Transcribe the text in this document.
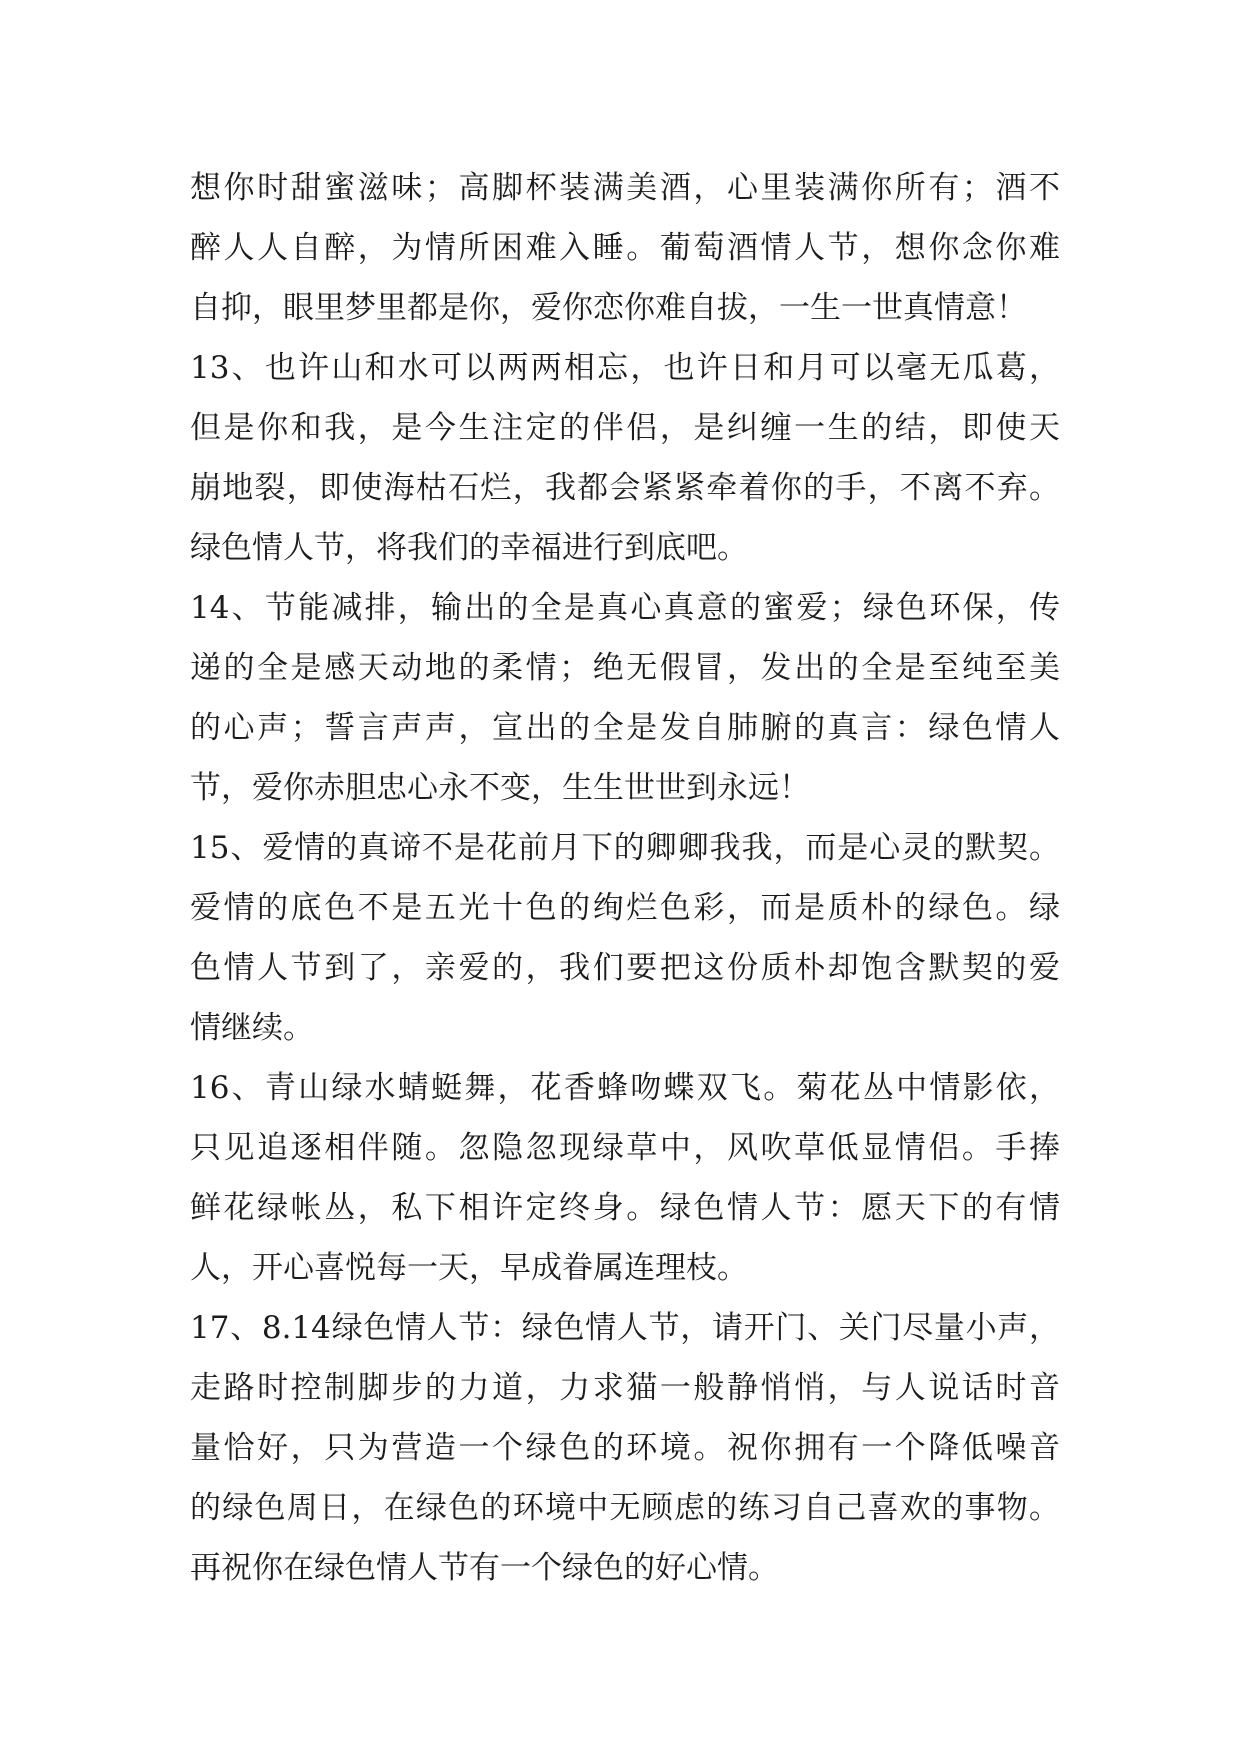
想你时甜蜜滋味；高脚杯装满美酒，心里装满你所有；酒不
醉人人自醉，为情所困难入睡。葡萄酒情人节，想你念你难
自抑，眼里梦里都是你，爱你恋你难自拔，一生一世真情意！
13、也许山和水可以两两相忘，也许日和月可以毫无瓜葛，
但是你和我，是今生注定的伴侣，是纠缠一生的结，即使天
崩地裂，即使海枯石烂，我都会紧紧牵着你的手，不离不弃。
绿色情人节，将我们的幸福进行到底吧。
14、节能减排，输出的全是真心真意的蜜爱；绿色环保，传
递的全是感天动地的柔情；绝无假冒，发出的全是至纯至美
的心声；誓言声声，宣出的全是发自肺腑的真言：绿色情人
节，爱你赤胆忠心永不变，生生世世到永远！
15、爱情的真谛不是花前月下的卿卿我我，而是心灵的默契。
爱情的底色不是五光十色的绚烂色彩，而是质朴的绿色。绿
色情人节到了，亲爱的，我们要把这份质朴却饱含默契的爱
情继续。
16、青山绿水蜻蜓舞，花香蜂吻蝶双飞。菊花丛中情影依，
只见追逐相伴随。忽隐忽现绿草中，风吹草低显情侣。手捧
鲜花绿帐丛，私下相许定终身。绿色情人节：愿天下的有情
人，开心喜悦每一天，早成眷属连理枝。
17、8.14绿色情人节：绿色情人节，请开门、关门尽量小声，
走路时控制脚步的力道，力求猫一般静悄悄，与人说话时音
量恰好，只为营造一个绿色的环境。祝你拥有一个降低噪音
的绿色周日，在绿色的环境中无顾虑的练习自己喜欢的事物。
再祝你在绿色情人节有一个绿色的好心情。
